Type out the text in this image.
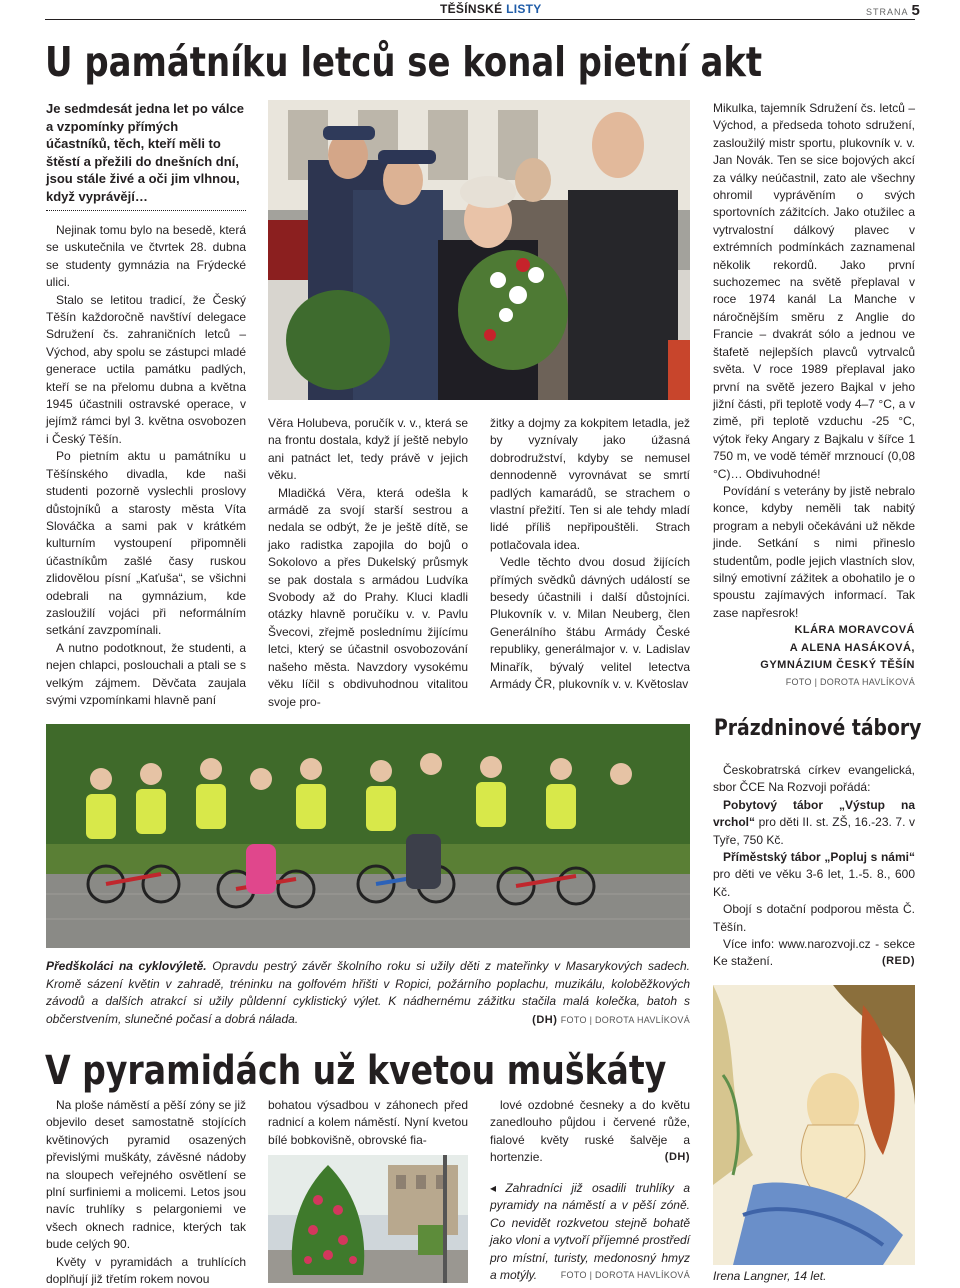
TĚŠÍNSKÉ LISTY	STRANA 5
U památníku letců se konal pietní akt
Je sedmdesát jedna let po válce a vzpomínky přímých účastníků, těch, kteří měli to štěstí a přežili do dnešních dní, jsou stále živé a oči jim vlhnou, když vyprávějí…

Nejinak tomu bylo na besedě, která se uskutečnila ve čtvrtek 28. dubna se studenty gymnázia na Frýdecké ulici.

Stalo se letitou tradicí, že Český Těšín každoročně navštíví delegace Sdružení čs. zahraničních letců – Východ, aby spolu se zástupci mladé generace uctila památku padlých, kteří se na přelomu dubna a května 1945 účastnili ostravské operace, v jejímž rámci byl 3. května osvobozen i Český Těšín.

Po pietním aktu u památníku u Těšínského divadla, kde naši studenti pozorně vyslechli proslovy důstojníků a starosty města Víta Slováčka a sami pak v krátkém kulturním vystoupení připomněli účastníkům zašlé časy ruskou zlidovělou písní „Kaťuša“, se všichni odebrali na gymnázium, kde zasloužilí vojáci při neformálním setkání zavzpomínali.

A nutno podotknout, že studenti, a nejen chlapci, poslouchali a ptali se s velkým zájmem. Děvčata zaujala svými vzpomínkami hlavně paní

Věra Holubeva, poručík v. v., která se na frontu dostala, když jí ještě nebylo ani patnáct let, tedy právě v jejich věku.

Mladičká Věra, která odešla k armádě za svojí starší sestrou a nedala se odbýt, že je ještě dítě, se jako radistka zapojila do bojů o Sokolovo a přes Dukelský průsmyk se pak dostala s armádou Ludvíka Svobody až do Prahy. Kluci kladli otázky hlavně poručíku v. v. Pavlu Švecovi, zřejmě poslednímu žijícímu letci, který se účastnil osvobozování našeho města. Navzdory vysokému věku líčil s obdivuhodnou vitalitou svoje pro-

žitky a dojmy za kokpitem letadla, jež by vyznívaly jako úžasná dobrodružství, kdyby se nemusel dennodenně vyrovnávat se smrtí padlých kamarádů, se strachem o vlastní přežití. Ten si ale tehdy mladí lidé příliš nepřipouštěli. Strach potlačovala idea.

Vedle těchto dvou dosud žijících přímých svědků dávných událostí se besedy účastnili i další důstojníci. Plukovník v. v. Milan Neuberg, člen Generálního štábu Armády České republiky, generálmajor v. v. Ladislav Minařík, bývalý velitel letectva Armády ČR, plukovník v. v. Květoslav

Mikulka, tajemník Sdružení čs. letců – Východ, a předseda tohoto sdružení, zasloužilý mistr sportu, plukovník v. v. Jan Novák. Ten se sice bojových akcí za války neúčastnil, zato ale všechny ohromil vyprávěním o svých sportovních zážitcích. Jako otužilec a vytrvalostní dálkový plavec v extrémních podmínkách zaznamenal několik rekordů. Jako první suchozemec na světě přeplaval v roce 1974 kanál La Manche v náročnějším směru z Anglie do Francie – dvakrát sólo a jednou ve štafetě nejlepších plavců vytrvalců světa. V roce 1989 přeplaval jako první na světě jezero Bajkal v jeho jižní části, při teplotě vody 4–7 °C, a v zimě, při teplotě vzduchu -25 °C, výtok řeky Angary z Bajkalu v šířce 1 750 m, ve vodě téměř mrznoucí (0,08 °C)… Obdivuhodné!

Povídání s veterány by jistě nebralo konce, kdyby neměli tak nabitý program a nebyli očekáváni už někde jinde. Setkání s nimi přineslo studentům, podle jejich vlastních slov, silný emotivní zážitek a obohatilo je o spoustu zajímavých informací. Tak zase napřesrok!

KLÁRA MORAVCOVÁ

A ALENA HASÁKOVÁ,

GYMNÁZIUM ČESKÝ TĚŠÍN

FOTO | DOROTA HAVLÍKOVÁ

Předškoláci na cyklovýletě. Opravdu pestrý závěr školního roku si užily děti z mateřinky v Masarykových sadech. Kromě sázení květin v zahradě, tréninku na golfovém hřišti v Ropici, požárního poplachu, muzikálu, koloběžkových závodů a dalších atrakcí si užily půldenní cyklistický výlet. K nádhernému zážitku stačila malá kolečka, batoh s občerstvením, slunečné počasí a dobrá nálada.	(DH) FOTO | DOROTA HAVLÍKOVÁ
Prázdninové tábory

Českobratrská církev evangelická, sbor ČCE Na Rozvoji pořádá:

Pobytový tábor „Výstup na vrchol“ pro děti II. st. ZŠ, 16.-23. 7. v Tyře, 750 Kč.

Příměstský tábor „Popluj s námi“ pro děti ve věku 3-6 let, 1.-5. 8., 600 Kč.

Obojí s dotační podporou města Č. Těšín.

Více info: www.narozvoji.cz - sekce Ke stažení.	(RED)

Irena Langner, 14 let.
V pyramidách už kvetou muškáty

Na ploše náměstí a pěší zóny se již objevilo deset samostatně stojících květinových pyramid osazených převislými muškáty, závěsné nádoby na sloupech veřejného osvětlení se plní surfiniemi a molicemi. Letos jsou navíc truhlíky s pelargoniemi ve všech oknech radnice, kterých tak bude celých 90.

Květy v pyramidách a truhlících doplňují již třetím rokem novou

bohatou výsadbou v záhonech před radnicí a kolem náměstí. Nyní kvetou bílé bobkovišně, obrovské fia-

lové ozdobné česneky a do květu zanedlouho půjdou i červené růže, fialové květy ruské šalvěje a hortenzie.	(DH)

◂ Zahradníci již osadili truhlíky a pyramidy na náměstí a v pěší zóně. Co nevidět rozkvetou stejně bohatě jako vloni a vytvoří příjemné prostředí pro místní, turisty, medonosný hmyz a motýly.	FOTO | DOROTA HAVLÍKOVÁ
